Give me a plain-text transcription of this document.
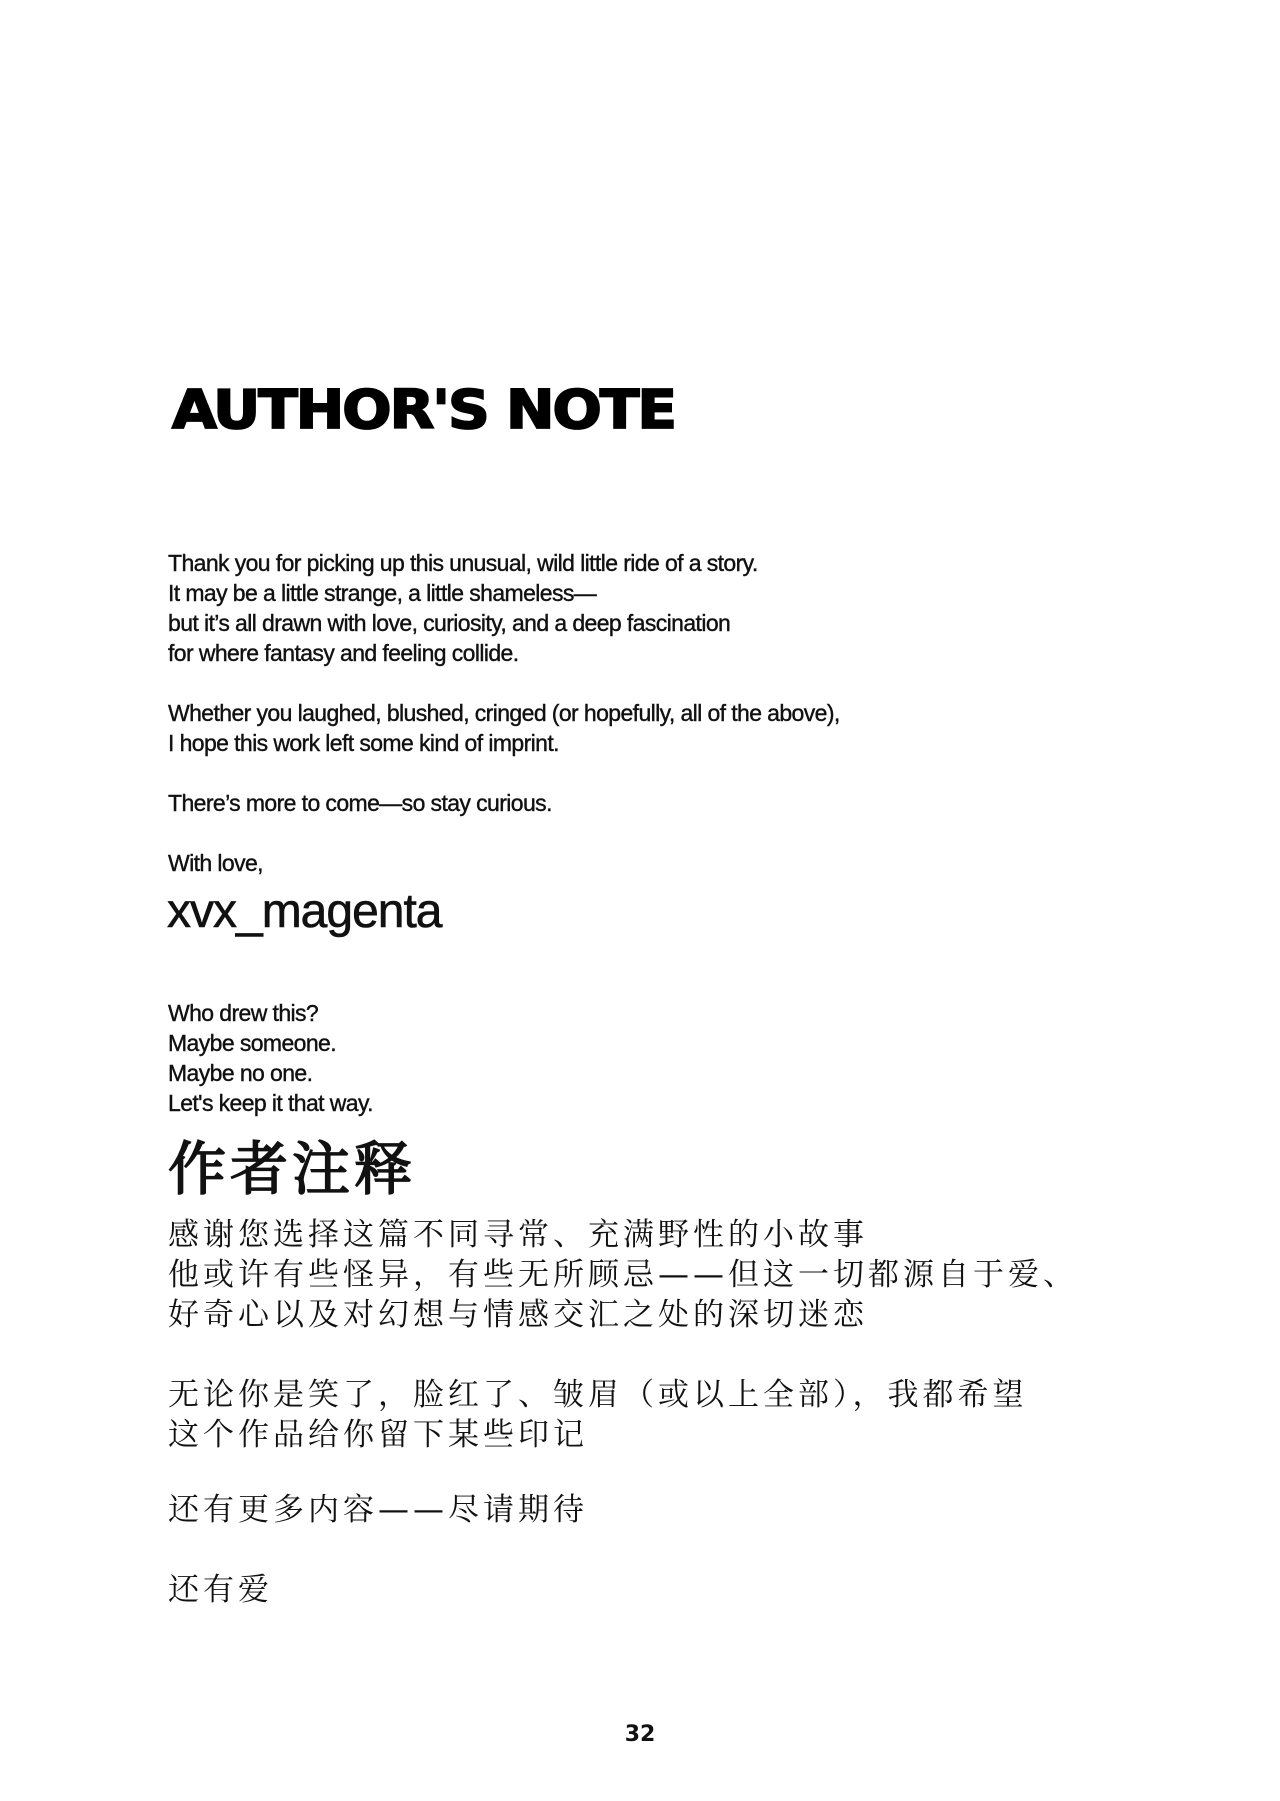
AUTHOR'S NOTE
Thank you for picking up this unusual, wild little ride of a story.
It may be a little strange, a little shameless—
but it’s all drawn with love, curiosity, and a deep fascination
for where fantasy and feeling collide.
Whether you laughed, blushed, cringed (or hopefully, all of the above),
I hope this work left some kind of imprint.
There’s more to come—so stay curious.
With love,
xvx_magenta
Who drew this?
Maybe someone.
Maybe no one.
Let's keep it that way.
作者注释
感谢您选择这篇不同寻常、充满野性的小故事
他或许有些怪异，有些无所顾忌——但这一切都源自于爱、
好奇心以及对幻想与情感交汇之处的深切迷恋
无论你是笑了，脸红了、皱眉（或以上全部），我都希望
这个作品给你留下某些印记
还有更多内容——尽请期待
还有爱
32
